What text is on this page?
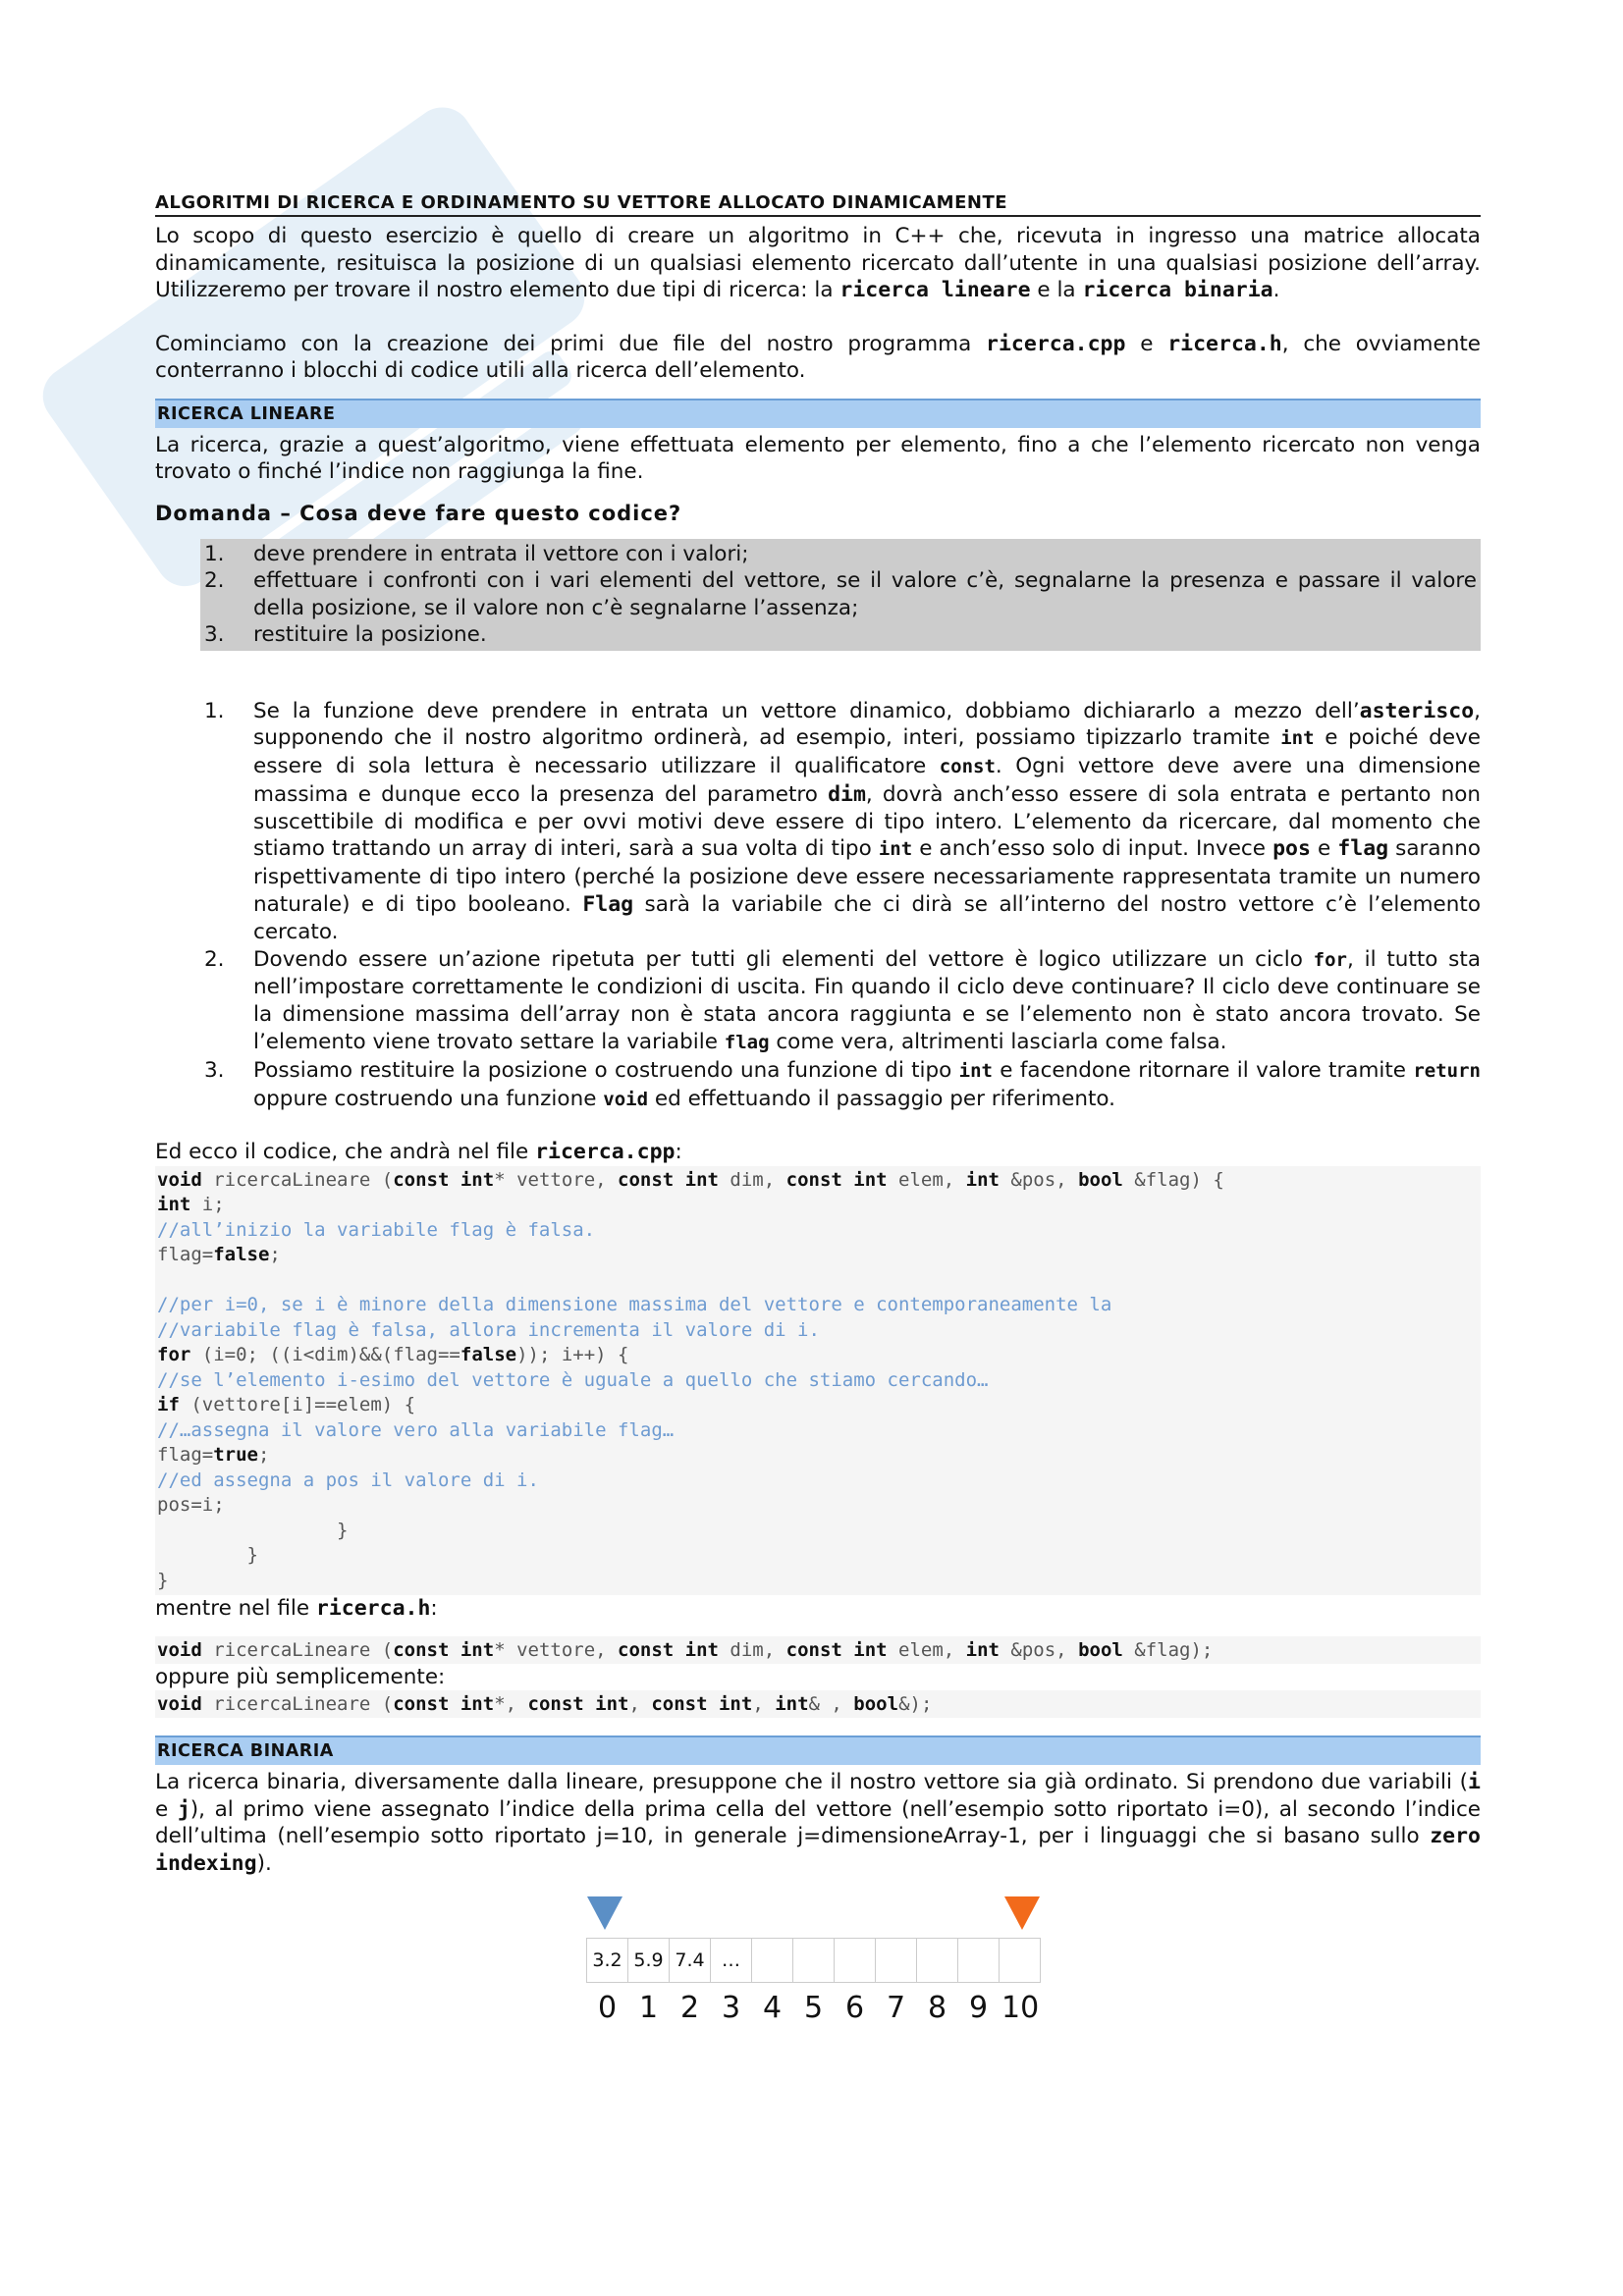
ALGORITMI DI RICERCA E ORDINAMENTO SU VETTORE ALLOCATO DINAMICAMENTE

Lo scopo di questo esercizio è quello di creare un algoritmo in C++ che, ricevuta in ingresso una matrice allocata dinamicamente, resituisca la posizione di un qualsiasi elemento ricercato dall’utente in una qualsiasi posizione dell’array. Utilizzeremo per trovare il nostro elemento due tipi di ricerca: la ricerca lineare e la ricerca binaria.

Cominciamo con la creazione dei primi due file del nostro programma ricerca.cpp e ricerca.h, che ovviamente conterranno i blocchi di codice utili alla ricerca dell’elemento.

RICERCA LINEARE

La ricerca, grazie a quest’algoritmo, viene effettuata elemento per elemento, fino a che l’elemento ricercato non venga trovato o finché l’indice non raggiunga la fine.

Domanda – Cosa deve fare questo codice?

1.	deve prendere in entrata il vettore con i valori;
2.	effettuare i confronti con i vari elementi del vettore, se il valore c’è, segnalarne la presenza e passare il valore della posizione, se il valore non c’è segnalarne l’assenza;
3.	restituire la posizione.
1.	Se la funzione deve prendere in entrata un vettore dinamico, dobbiamo dichiararlo a mezzo dell’asterisco, supponendo che il nostro algoritmo ordinerà, ad esempio, interi, possiamo tipizzarlo tramite int e poiché deve essere di sola lettura è necessario utilizzare il qualificatore const. Ogni vettore deve avere una dimensione massima e dunque ecco la presenza del parametro dim, dovrà anch’esso essere di sola entrata e pertanto non suscettibile di modifica e per ovvi motivi deve essere di tipo intero. L’elemento da ricercare, dal momento che stiamo trattando un array di interi, sarà a sua volta di tipo int e anch’esso solo di input. Invece pos e flag saranno rispettivamente di tipo intero (perché la posizione deve essere necessariamente rappresentata tramite un numero naturale) e di tipo booleano. Flag sarà la variabile che ci dirà se all’interno del nostro vettore c’è l’elemento cercato.
2.	Dovendo essere un’azione ripetuta per tutti gli elementi del vettore è logico utilizzare un ciclo for, il tutto sta nell’impostare correttamente le condizioni di uscita. Fin quando il ciclo deve continuare? Il ciclo deve continuare se la dimensione massima dell’array non è stata ancora raggiunta e se l’elemento non è stato ancora trovato. Se l’elemento viene trovato settare la variabile flag come vera, altrimenti lasciarla come falsa.
3.	Possiamo restituire la posizione o costruendo una funzione di tipo int e facendone ritornare il valore tramite return oppure costruendo una funzione void ed effettuando il passaggio per riferimento.

Ed ecco il codice, che andrà nel file ricerca.cpp:

void ricercaLineare (const int* vettore, const int dim, const int elem, int &pos, bool &flag) {
int i;
//all’inizio la variabile flag è falsa.
flag=false;

//per i=0, se i è minore della dimensione massima del vettore e contemporaneamente la
//variabile flag è falsa, allora incrementa il valore di i.
for (i=0; ((i<dim)&&(flag==false)); i++) {
//se l’elemento i-esimo del vettore è uguale a quello che stiamo cercando…
if (vettore[i]==elem) {
//…assegna il valore vero alla variabile flag…
flag=true;
//ed assegna a pos il valore di i.
pos=i;
}
}
}

mentre nel file ricerca.h:

void ricercaLineare (const int* vettore, const int dim, const int elem, int &pos, bool &flag);

oppure più semplicemente:

void ricercaLineare (const int*, const int, const int, int& , bool&);
RICERCA BINARIA

La ricerca binaria, diversamente dalla lineare, presuppone che il nostro vettore sia già ordinato. Si prendono due variabili (i e j), al primo viene assegnato l’indice della prima cella del vettore (nell’esempio sotto riportato i=0), al secondo l’indice dell’ultima (nell’esempio sotto riportato j=10, in generale j=dimensioneArray-1, per i linguaggi che si basano sullo zero indexing).

3.2 5.9 7.4 …
0 1 2 3 4 5 6 7 8 9 10
